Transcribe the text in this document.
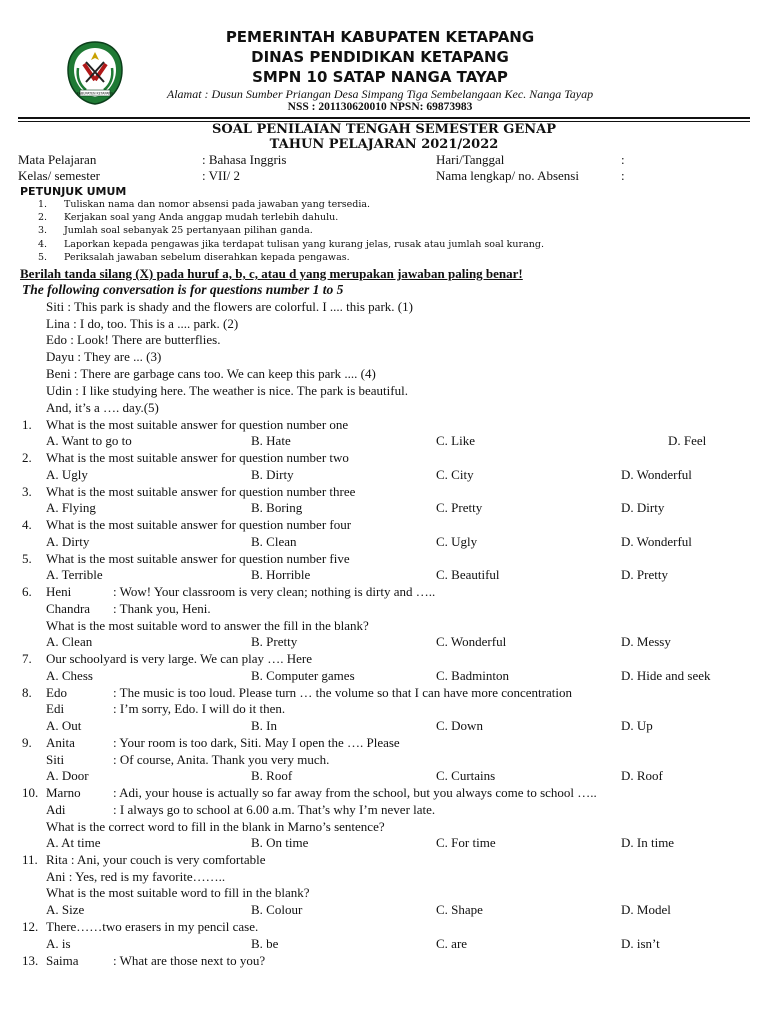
KABUPATEN KETAPANG
PEMERINTAH KABUPATEN KETAPANG
DINAS PENDIDIKAN KETAPANG
SMPN 10 SATAP NANGA TAYAP
Alamat : Dusun Sumber Priangan Desa Simpang Tiga Sembelangaan Kec. Nanga Tayap
NSS : 201130620010 NPSN: 69873983
SOAL PENILAIAN TENGAH SEMESTER GENAP
TAHUN PELAJARAN 2021/2022
Mata Pelajaran	: Bahasa Inggris	Hari/Tanggal	:
Kelas/ semester	: VII/ 2	Nama lengkap/ no. Absensi	:
PETUNJUK UMUM
1. Tuliskan nama dan nomor absensi pada jawaban yang tersedia.
2. Kerjakan soal yang Anda anggap mudah terlebih dahulu.
3. Jumlah soal sebanyak 25 pertanyaan pilihan ganda.
4. Laporkan kepada pengawas jika terdapat tulisan yang kurang jelas, rusak atau jumlah soal kurang.
5. Periksalah jawaban sebelum diserahkan kepada pengawas.
Berilah tanda silang (X) pada huruf a, b, c, atau d yang merupakan jawaban paling benar!
The following conversation is for questions number 1 to 5
Siti : This park is shady and the flowers are colorful. I .... this park. (1)
Lina : I do, too. This is a .... park. (2)
Edo : Look! There are butterflies.
Dayu : They are ... (3)
Beni : There are garbage cans too. We can keep this park .... (4)
Udin : I like studying here. The weather is nice. The park is beautiful.
And, it’s a …. day.(5)
1. What is the most suitable answer for question number one
A. Want to go to	B. Hate	C. Like	D. Feel
2. What is the most suitable answer for question number two
A. Ugly	B. Dirty	C. City	D. Wonderful
3. What is the most suitable answer for question number three
A. Flying	B. Boring	C. Pretty	D. Dirty
4. What is the most suitable answer for question number four
A. Dirty	B. Clean	C. Ugly	D. Wonderful
5. What is the most suitable answer for question number five
A. Terrible	B. Horrible	C. Beautiful	D. Pretty
6. Heni	: Wow! Your classroom is very clean; nothing is dirty and …..
Chandra : Thank you, Heni.
What is the most suitable word to answer the fill in the blank?
A. Clean	B. Pretty	C. Wonderful	D. Messy
7. Our schoolyard is very large. We can play …. Here
A. Chess	B. Computer games	C. Badminton	D. Hide and seek
8. Edo	: The music is too loud. Please turn … the volume so that I can have more concentration
Edi	: I’m sorry, Edo. I will do it then.
A. Out	B. In	C. Down	D. Up
9. Anita	: Your room is too dark, Siti. May I open the …. Please
Siti	: Of course, Anita. Thank you very much.
A. Door	B. Roof	C. Curtains	D. Roof
10. Marno : Adi, your house is actually so far away from the school, but you always come to school …..
Adi	: I always go to school at 6.00 a.m. That’s why I’m never late.
What is the correct word to fill in the blank in Marno’s sentence?
A. At time	B. On time	C. For time	D. In time
11. Rita : Ani, your couch is very comfortable
Ani : Yes, red is my favorite……..
What is the most suitable word to fill in the blank?
A. Size	B. Colour	C. Shape	D. Model
12. There……two erasers in my pencil case.
A. is	B. be	C. are	D. isn’t
13. Saima	: What are those next to you?
